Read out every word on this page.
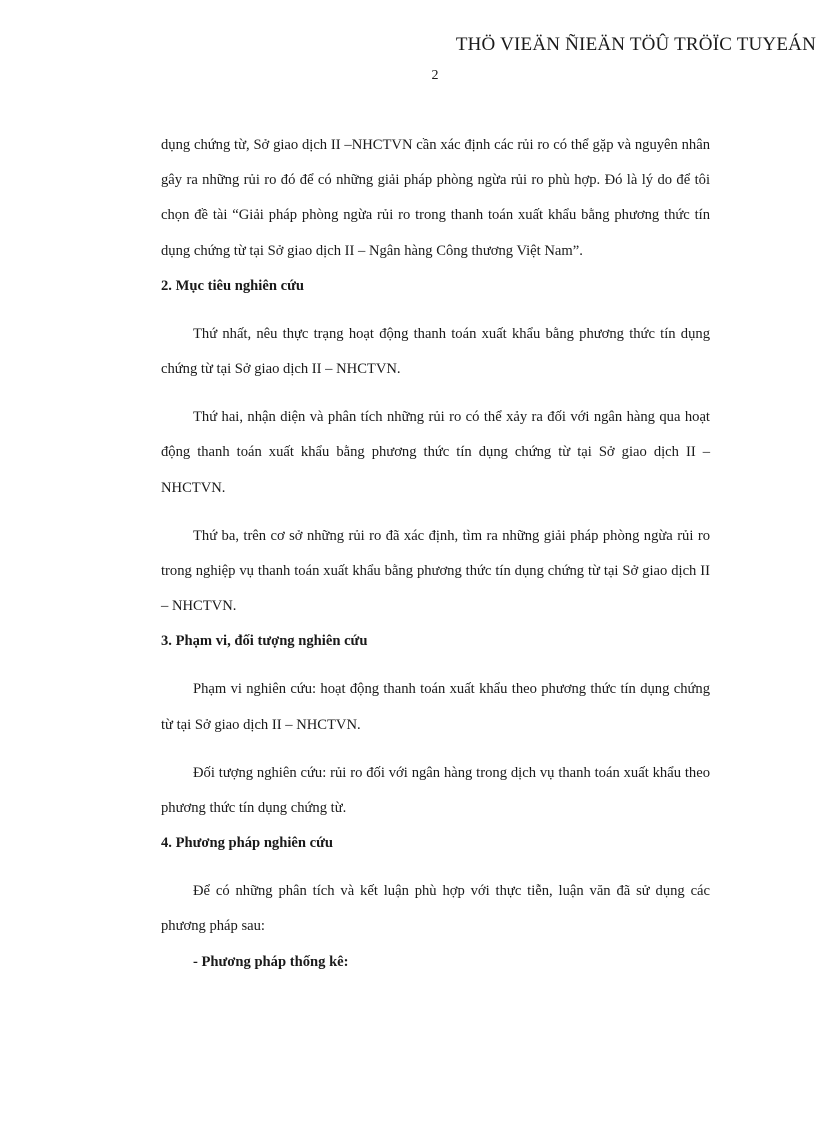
THÖ VIEÄN ÑIEÄN TÖÛ TRÖÏC TUYEÁN
2

dụng chứng từ, Sở giao dịch II –NHCTVN cần xác định các rủi ro có thể gặp và nguyên nhân gây ra những rủi ro đó để có những giải pháp phòng ngừa rủi ro phù hợp. Đó là lý do để tôi chọn đề tài “Giải pháp phòng ngừa rủi ro trong thanh toán xuất khẩu bằng phương thức tín dụng chứng từ tại Sở giao dịch II – Ngân hàng Công thương Việt Nam”.

2. Mục tiêu nghiên cứu

Thứ nhất, nêu thực trạng hoạt động thanh toán xuất khẩu bằng phương thức tín dụng chứng từ tại Sở giao dịch II – NHCTVN.

Thứ hai, nhận diện và phân tích những rủi ro có thể xảy ra đối với ngân hàng qua hoạt động thanh toán xuất khẩu bằng phương thức tín dụng chứng từ tại Sở giao dịch II – NHCTVN.

Thứ ba, trên cơ sở những rủi ro đã xác định, tìm ra những giải pháp phòng ngừa rủi ro trong nghiệp vụ thanh toán xuất khẩu bằng phương thức tín dụng chứng từ tại Sở giao dịch II – NHCTVN.

3. Phạm vi, đối tượng nghiên cứu

Phạm vi nghiên cứu: hoạt động thanh toán xuất khẩu theo phương thức tín dụng chứng từ tại Sở giao dịch II – NHCTVN.

Đối tượng nghiên cứu: rủi ro đối với ngân hàng trong dịch vụ thanh toán xuất khẩu theo phương thức tín dụng chứng từ.

4. Phương pháp nghiên cứu

Để có những phân tích và kết luận phù hợp với thực tiễn, luận văn đã sử dụng các phương pháp sau:

- Phương pháp thống kê:
